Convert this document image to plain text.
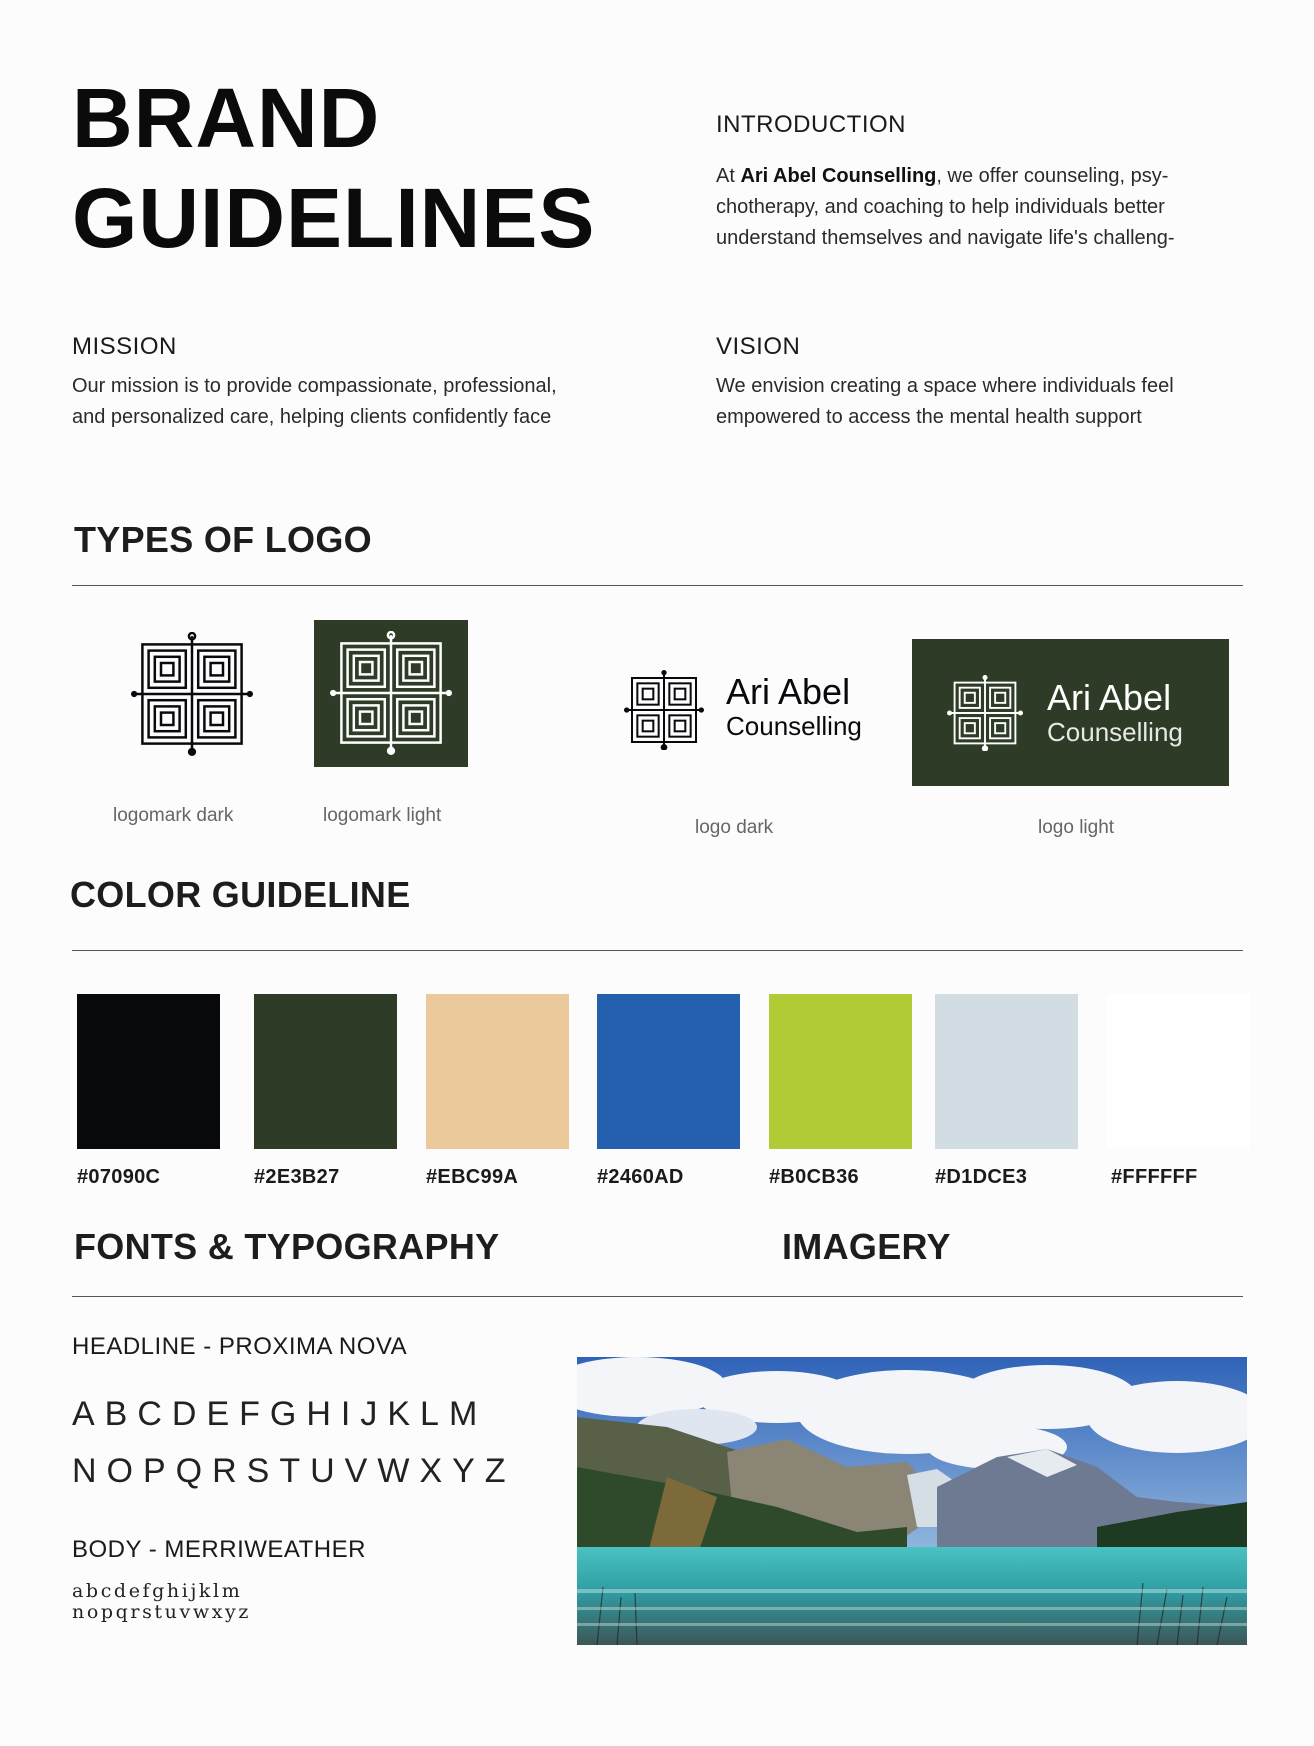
BRAND
GUIDELINES
INTRODUCTION
At Ari Abel Counselling, we offer counseling, psy-
chotherapy, and coaching to help individuals better
understand themselves and navigate life's challeng-
MISSION
Our mission is to provide compassionate, professional,
and personalized care, helping clients confidently face
VISION
We envision creating a space where individuals feel
empowered to access the mental health support
TYPES OF LOGO
logomark dark	logomark light
Ari Abel
Counselling
logo dark
Ari Abel
Counselling
logo light
COLOR GUIDELINE
#07090C	#2E3B27	#EBC99A	#2460AD	#B0CB36	#D1DCE3	#FFFFFF
FONTS & TYPOGRAPHY	IMAGERY
HEADLINE - PROXIMA NOVA
ABCDEFGHIJKLM
NOPQRSTUVWXYZ
BODY - MERRIWEATHER
abcdefghijklm
nopqrstuvwxyz
